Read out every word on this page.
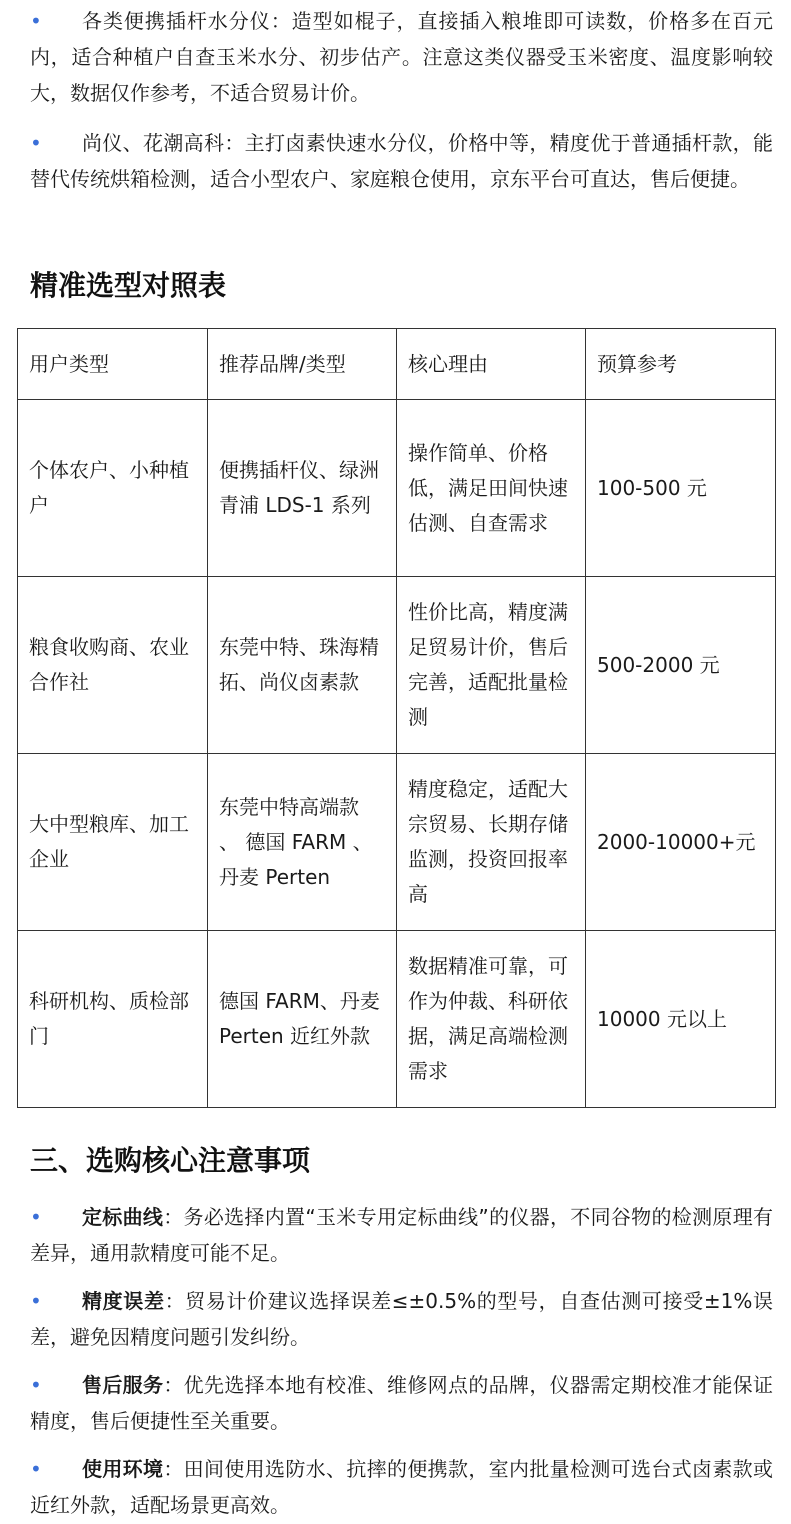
•	各类便携插杆水分仪：造型如棍子，直接插入粮堆即可读数，价格多在百元内，适合种植户自查玉米水分、初步估产。注意这类仪器受玉米密度、温度影响较大，数据仅作参考，不适合贸易计价。
•	尚仪、花潮高科：主打卤素快速水分仪，价格中等，精度优于普通插杆款，能替代传统烘箱检测，适合小型农户、家庭粮仓使用，京东平台可直达，售后便捷。
精准选型对照表
用户类型	推荐品牌/类型	核心理由	预算参考
个体农户、小种植户	便携插杆仪、绿洲青浦 LDS-1 系列	操作简单、价格低，满足田间快速估测、自查需求	100-500 元
粮食收购商、农业合作社	东莞中特、珠海精拓、尚仪卤素款	性价比高，精度满足贸易计价，售后完善，适配批量检测	500-2000 元
大中型粮库、加工企业	东莞中特高端款 、 德国 FARM 、 丹麦 Perten	精度稳定，适配大宗贸易、长期存储监测，投资回报率高	2000-10000+元
科研机构、质检部门	德国 FARM、丹麦 Perten 近红外款	数据精准可靠，可作为仲裁、科研依据，满足高端检测需求	10000 元以上
三、选购核心注意事项
•	定标曲线：务必选择内置“玉米专用定标曲线”的仪器，不同谷物的检测原理有差异，通用款精度可能不足。
•	精度误差：贸易计价建议选择误差≤±0.5%的型号，自查估测可接受±1%误差，避免因精度问题引发纠纷。
•	售后服务：优先选择本地有校准、维修网点的品牌，仪器需定期校准才能保证精度，售后便捷性至关重要。
•	使用环境：田间使用选防水、抗摔的便携款，室内批量检测可选台式卤素款或近红外款，适配场景更高效。
